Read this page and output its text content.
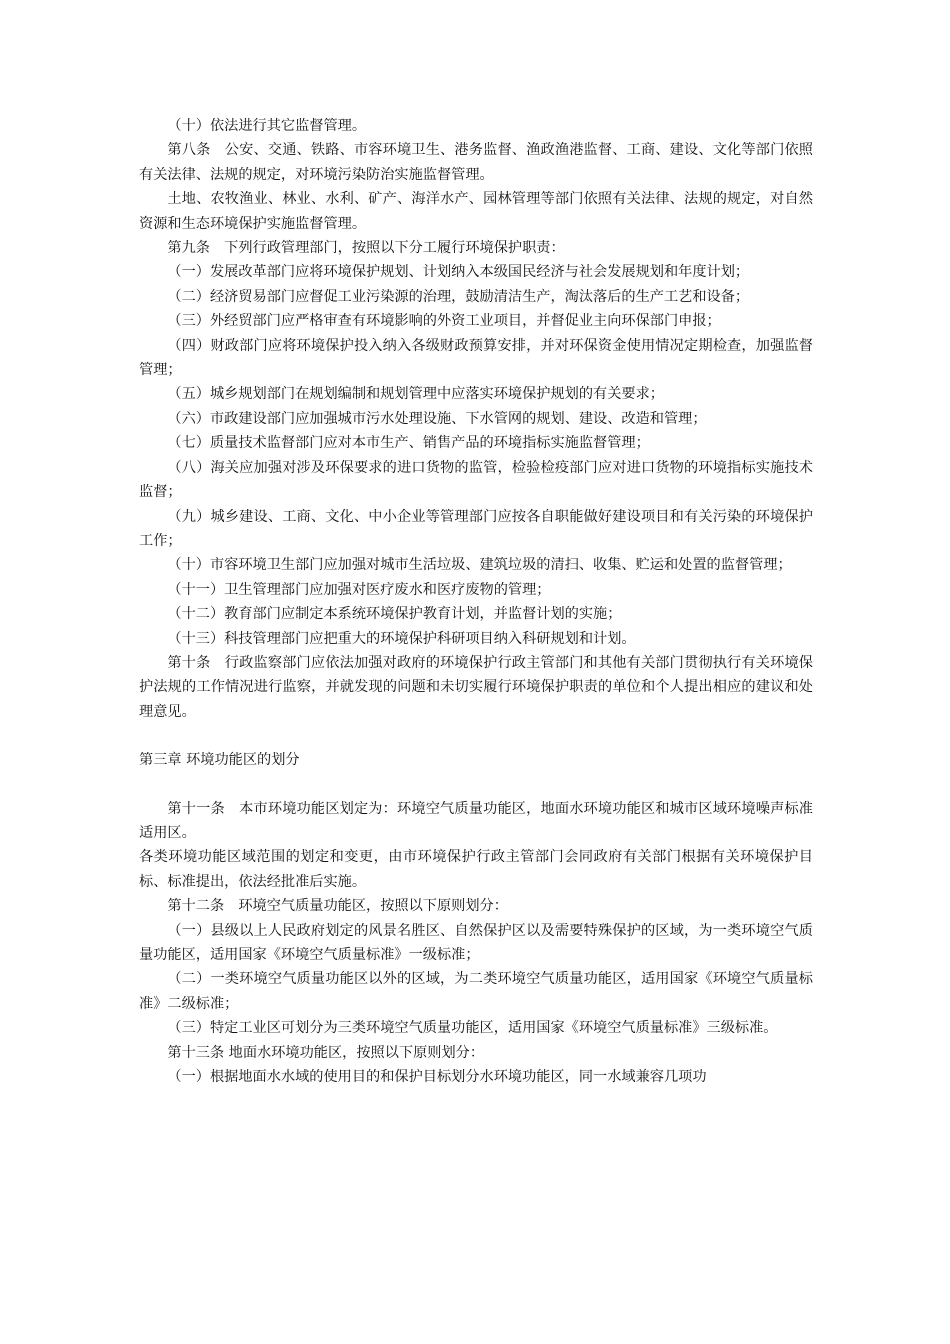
（十）依法进行其它监督管理。

第八条　公安、交通、铁路、市容环境卫生、港务监督、渔政渔港监督、工商、建设、文化等部门依照有关法律、法规的规定，对环境污染防治实施监督管理。

土地、农牧渔业、林业、水利、矿产、海洋水产、园林管理等部门依照有关法律、法规的规定，对自然资源和生态环境保护实施监督管理。

第九条　下列行政管理部门，按照以下分工履行环境保护职责：

（一）发展改革部门应将环境保护规划、计划纳入本级国民经济与社会发展规划和年度计划；

（二）经济贸易部门应督促工业污染源的治理，鼓励清洁生产，淘汰落后的生产工艺和设备；

（三）外经贸部门应严格审查有环境影响的外资工业项目，并督促业主向环保部门申报；

（四）财政部门应将环境保护投入纳入各级财政预算安排，并对环保资金使用情况定期检查，加强监督管理；

（五）城乡规划部门在规划编制和规划管理中应落实环境保护规划的有关要求；

（六）市政建设部门应加强城市污水处理设施、下水管网的规划、建设、改造和管理；

（七）质量技术监督部门应对本市生产、销售产品的环境指标实施监督管理；

（八）海关应加强对涉及环保要求的进口货物的监管，检验检疫部门应对进口货物的环境指标实施技术监督；

（九）城乡建设、工商、文化、中小企业等管理部门应按各自职能做好建设项目和有关污染的环境保护工作；

（十）市容环境卫生部门应加强对城市生活垃圾、建筑垃圾的清扫、收集、贮运和处置的监督管理；

（十一）卫生管理部门应加强对医疗废水和医疗废物的管理；

（十二）教育部门应制定本系统环境保护教育计划，并监督计划的实施；

（十三）科技管理部门应把重大的环境保护科研项目纳入科研规划和计划。

第十条　行政监察部门应依法加强对政府的环境保护行政主管部门和其他有关部门贯彻执行有关环境保护法规的工作情况进行监察，并就发现的问题和未切实履行环境保护职责的单位和个人提出相应的建议和处理意见。

第三章 环境功能区的划分

第十一条　本市环境功能区划定为：环境空气质量功能区，地面水环境功能区和城市区域环境噪声标准适用区。

各类环境功能区域范围的划定和变更，由市环境保护行政主管部门会同政府有关部门根据有关环境保护目标、标准提出，依法经批准后实施。

第十二条　环境空气质量功能区，按照以下原则划分：

（一）县级以上人民政府划定的风景名胜区、自然保护区以及需要特殊保护的区域，为一类环境空气质量功能区，适用国家《环境空气质量标准》一级标准；

（二）一类环境空气质量功能区以外的区域，为二类环境空气质量功能区，适用国家《环境空气质量标准》二级标准；

（三）特定工业区可划分为三类环境空气质量功能区，适用国家《环境空气质量标准》三级标准。

第十三条 地面水环境功能区，按照以下原则划分：

（一）根据地面水水域的使用目的和保护目标划分水环境功能区，同一水域兼容几项功
